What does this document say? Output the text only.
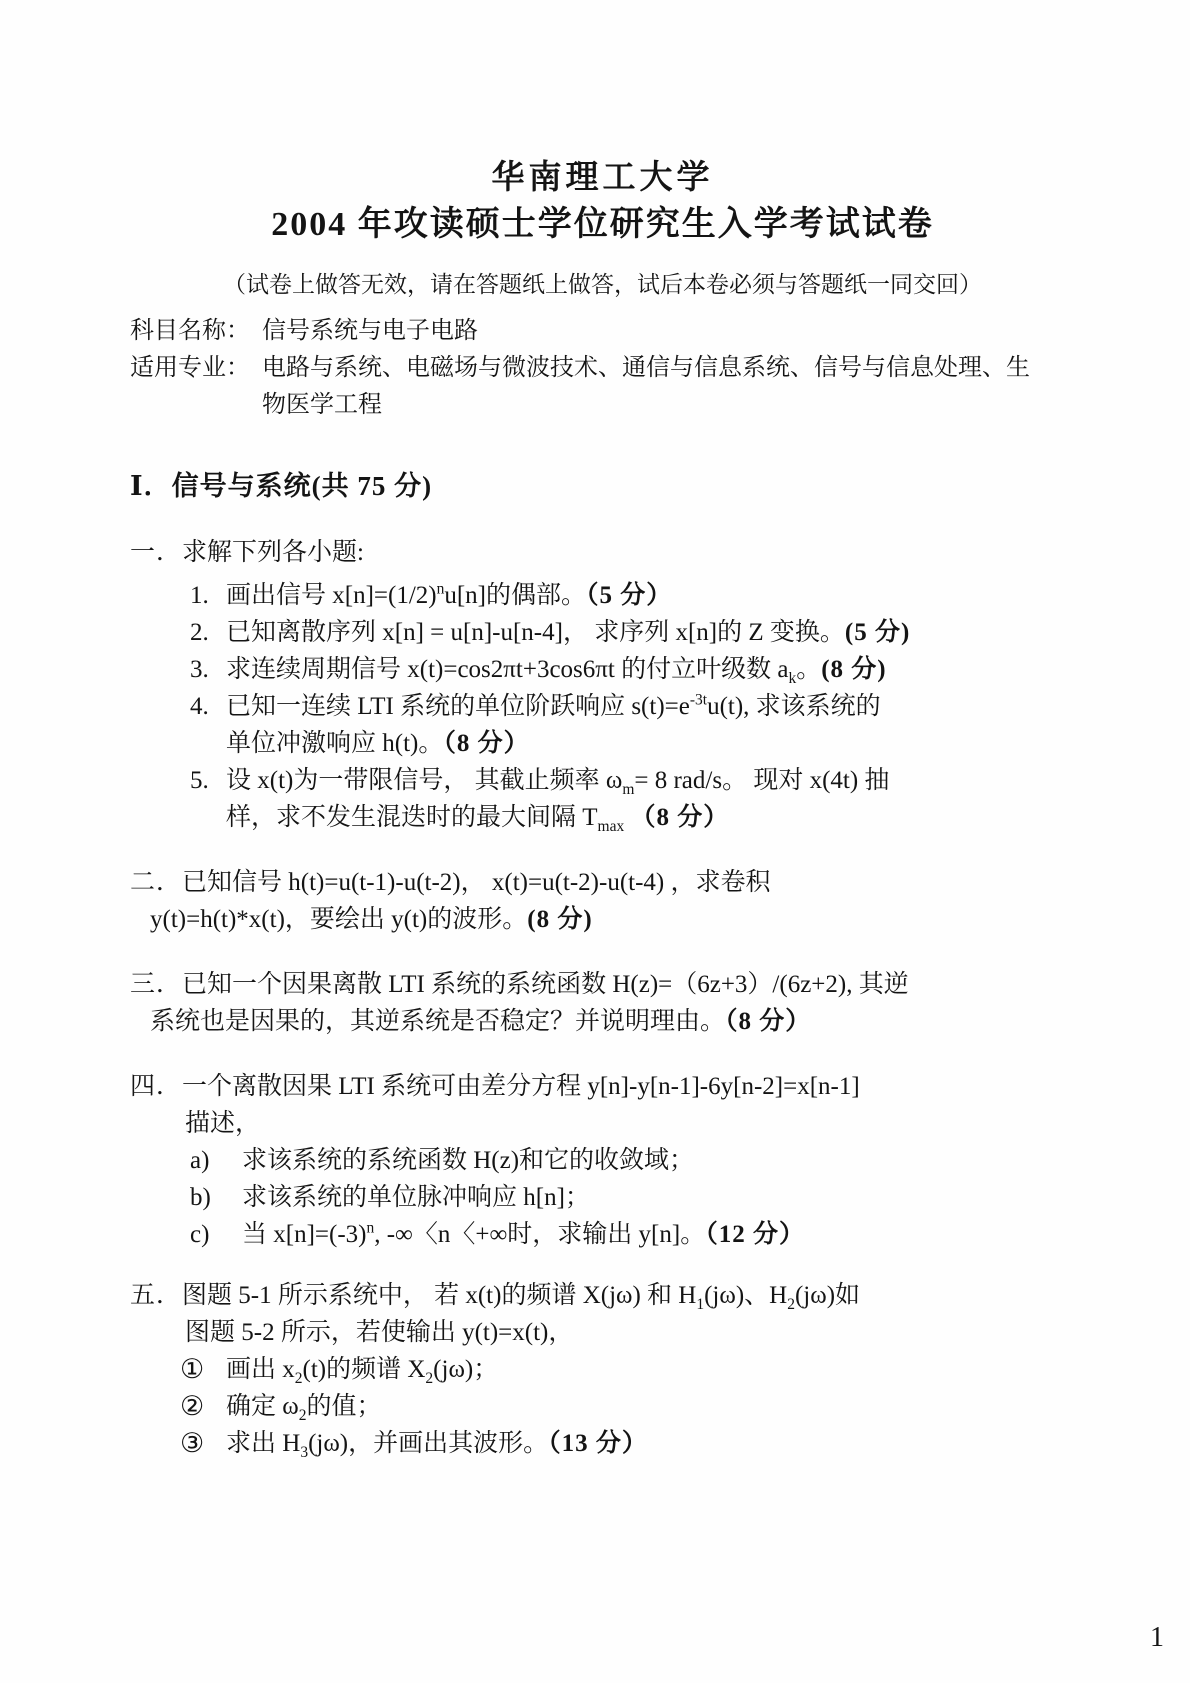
华南理工大学
2004 年攻读硕士学位研究生入学考试试卷
（试卷上做答无效，请在答题纸上做答，试后本卷必须与答题纸一同交回）
科目名称： 信号系统与电子电路
适用专业： 电路与系统、电磁场与微波技术、通信与信息系统、信号与信息处理、生
物医学工程
Ⅰ．信号与系统(共 75 分)
一．求解下列各小题:
1. 画出信号 $x[n]=(1/2)^nu[n]$的偶部。（5 分）
2. 已知离散序列 x[n] = u[n]-u[n-4]， 求序列 x[n]的 Z 变换。(5 分)
3. 求连续周期信号 x(t)=cos2πt+3cos6πt 的付立叶级数 $a_k$。(8 分)
4. 已知一连续 LTI 系统的单位阶跃响应 $s(t)=e^{-3t}u(t)$, 求该系统的
单位冲激响应 h(t)。（8 分）
5. 设 x(t)为一带限信号， 其截止频率 $\omega_m= 8$ rad/s。 现对 x(4t) 抽
样，求不发生混迭时的最大间隔 $T_{max}$ （8 分）
二．已知信号 h(t)=u(t-1)-u(t-2)， x(t)=u(t-2)-u(t-4) ，求卷积
y(t)=h(t)*x(t)，要绘出 y(t)的波形。(8 分)
三．已知一个因果离散 LTI 系统的系统函数 H(z)=（6z+3）/(6z+2), 其逆
系统也是因果的，其逆系统是否稳定？并说明理由。（8 分）
四．一个离散因果 LTI 系统可由差分方程 y[n]-y[n-1]-6y[n-2]=x[n-1]
描述，
a)	求该系统的系统函数 H(z)和它的收敛域；
b)	求该系统的单位脉冲响应 h[n]；
c)	当 $x[n]=(-3)^n$, -∞〈n〈+∞时，求输出 y[n]。（12 分）
五．图题 5-1 所示系统中， 若 x(t)的频谱 X(jω) 和 $H_1(j\omega)$、$H_2(j\omega)$如
图题 5-2 所示，若使输出 y(t)=x(t)，
① 画出 $x_2(t)$的频谱 $X_2(j\omega)$；
② 确定 $\omega_2$的值；
③ 求出 $H_3(j\omega)$，并画出其波形。（13 分）
1
